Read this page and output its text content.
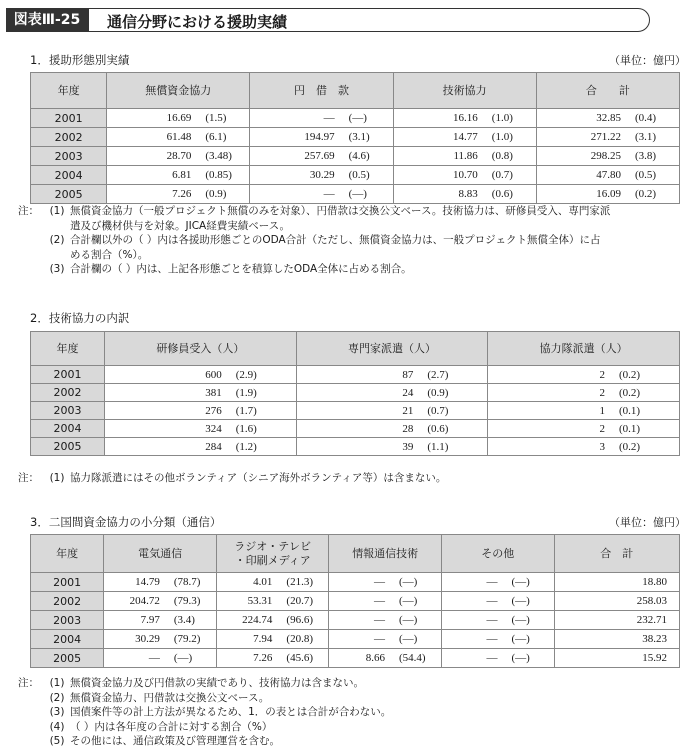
図表Ⅲ-25	通信分野における援助実績
1．援助形態別実績	（単位：億円）
年度	無償資金協力	円　借　款	技術協力	合　　計
2001	16.69 (1.5)	― (―)	16.16 (1.0)	32.85 (0.4)

2002	61.48 (6.1)	194.97 (3.1)	14.77 (1.0)	271.22 (3.1)

2003	28.70 (3.48)	257.69 (4.6)	11.86 (0.8)	298.25 (3.8)

2004	6.81 (0.85)	30.29 (0.5)	10.70 (0.7)	47.80 (0.5)

2005	7.26 (0.9)	― (―)	8.83 (0.6)	16.09 (0.2)
注：	(1) 無償資金協力（一般プロジェクト無償のみを対象）、円借款は交換公文ベース。技術協力は、研修員受入、専門家派
遣及び機材供与を対象。JICA経費実績ベース。
(2) 合計欄以外の（ ）内は各援助形態ごとのODA合計（ただし、無償資金協力は、一般プロジェクト無償全体）に占
める割合（%）。
(3) 合計欄の（ ）内は、上記各形態ごとを積算したODA全体に占める割合。
2．技術協力の内訳
年度	研修員受入（人）	専門家派遣（人）	協力隊派遣（人）
2001	600 (2.9)	87 (2.7)	2 (0.2)

2002	381 (1.9)	24 (0.9)	2 (0.2)

2003	276 (1.7)	21 (0.7)	1 (0.1)

2004	324 (1.6)	28 (0.6)	2 (0.1)

2005	284 (1.2)	39 (1.1)	3 (0.2)
注：	(1) 協力隊派遣にはその他ボランティア（シニア海外ボランティア等）は含まない。
3．二国間資金協力の小分類（通信）	（単位：億円）
年度	電気通信	ラジオ・テレビ
・印刷メディア	情報通信技術	その他	合　計
2001	14.79 (78.7)	4.01 (21.3)	― (―)	― (―)	18.80
2002	204.72 (79.3)	53.31 (20.7)	― (―)	― (―)	258.03
2003	7.97 (3.4)	224.74 (96.6)	― (―)	― (―)	232.71
2004	30.29 (79.2)	7.94 (20.8)	― (―)	― (―)	38.23
2005	― (―)	7.26 (45.6)	8.66 (54.4)	― (―)	15.92
注：	(1) 無償資金協力及び円借款の実績であり、技術協力は含まない。
(2) 無償資金協力、円借款は交換公文ベース。
(3) 国債案件等の計上方法が異なるため、1．の表とは合計が合わない。
(4) （ ）内は各年度の合計に対する割合（%）
(5) その他には、通信政策及び管理運営を含む。
